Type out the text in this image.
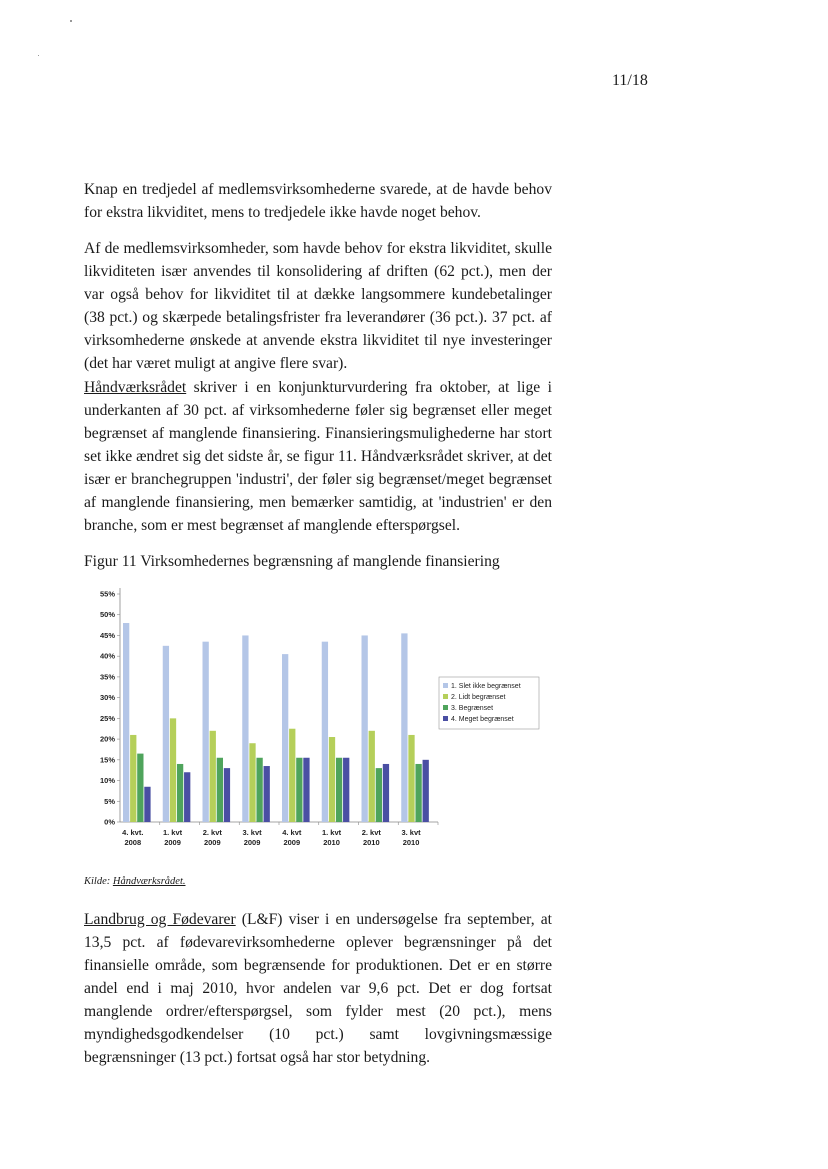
11/18

Knap en tredjedel af medlemsvirksomhederne svarede, at de havde behov for ekstra likviditet, mens to tredjedele ikke havde noget behov.

Af de medlemsvirksomheder, som havde behov for ekstra likviditet, skulle likviditeten især anvendes til konsolidering af driften (62 pct.), men der var også behov for likviditet til at dække langsommere kundebetalinger (38 pct.) og skærpede betalingsfrister fra leverandører (36 pct.). 37 pct. af virksomhederne ønskede at anvende ekstra likviditet til nye investeringer (det har været muligt at angive flere svar).

Håndværksrådet skriver i en konjunkturvurdering fra oktober, at lige i underkanten af 30 pct. af virksomhederne føler sig begrænset eller meget begrænset af manglende finansiering. Finansieringsmulighederne har stort set ikke ændret sig det sidste år, se figur 11. Håndværksrådet skriver, at det især er branchegruppen 'industri', der føler sig begrænset/meget begrænset af manglende finansiering, men bemærker samtidig, at 'industrien' er den branche, som er mest begrænset af manglende efterspørgsel.

Figur 11 Virksomhedernes begrænsning af manglende finansiering
0%
5%
10%
15%
20%
25%
30%
35%
40%
45%
50%
55%
4. kvt.
2008
1. kvt
2009
2. kvt
2009
3. kvt
2009
4. kvt
2009
1. kvt
2010
2. kvt
2010
3. kvt
2010
1. Slet ikke begrænset
2. Lidt begrænset
3. Begrænset
4. Meget begrænset
Kilde: Håndværksrådet.

Landbrug og Fødevarer (L&F) viser i en undersøgelse fra september, at 13,5 pct. af fødevarevirksomhederne oplever begrænsninger på det finansielle område, som begrænsende for produktionen. Det er en større andel end i maj 2010, hvor andelen var 9,6 pct. Det er dog fortsat manglende ordrer/efterspørgsel, som fylder mest (20 pct.), mens myndighedsgodkendelser (10 pct.) samt lovgivningsmæssige begrænsninger (13 pct.) fortsat også har stor betydning.
